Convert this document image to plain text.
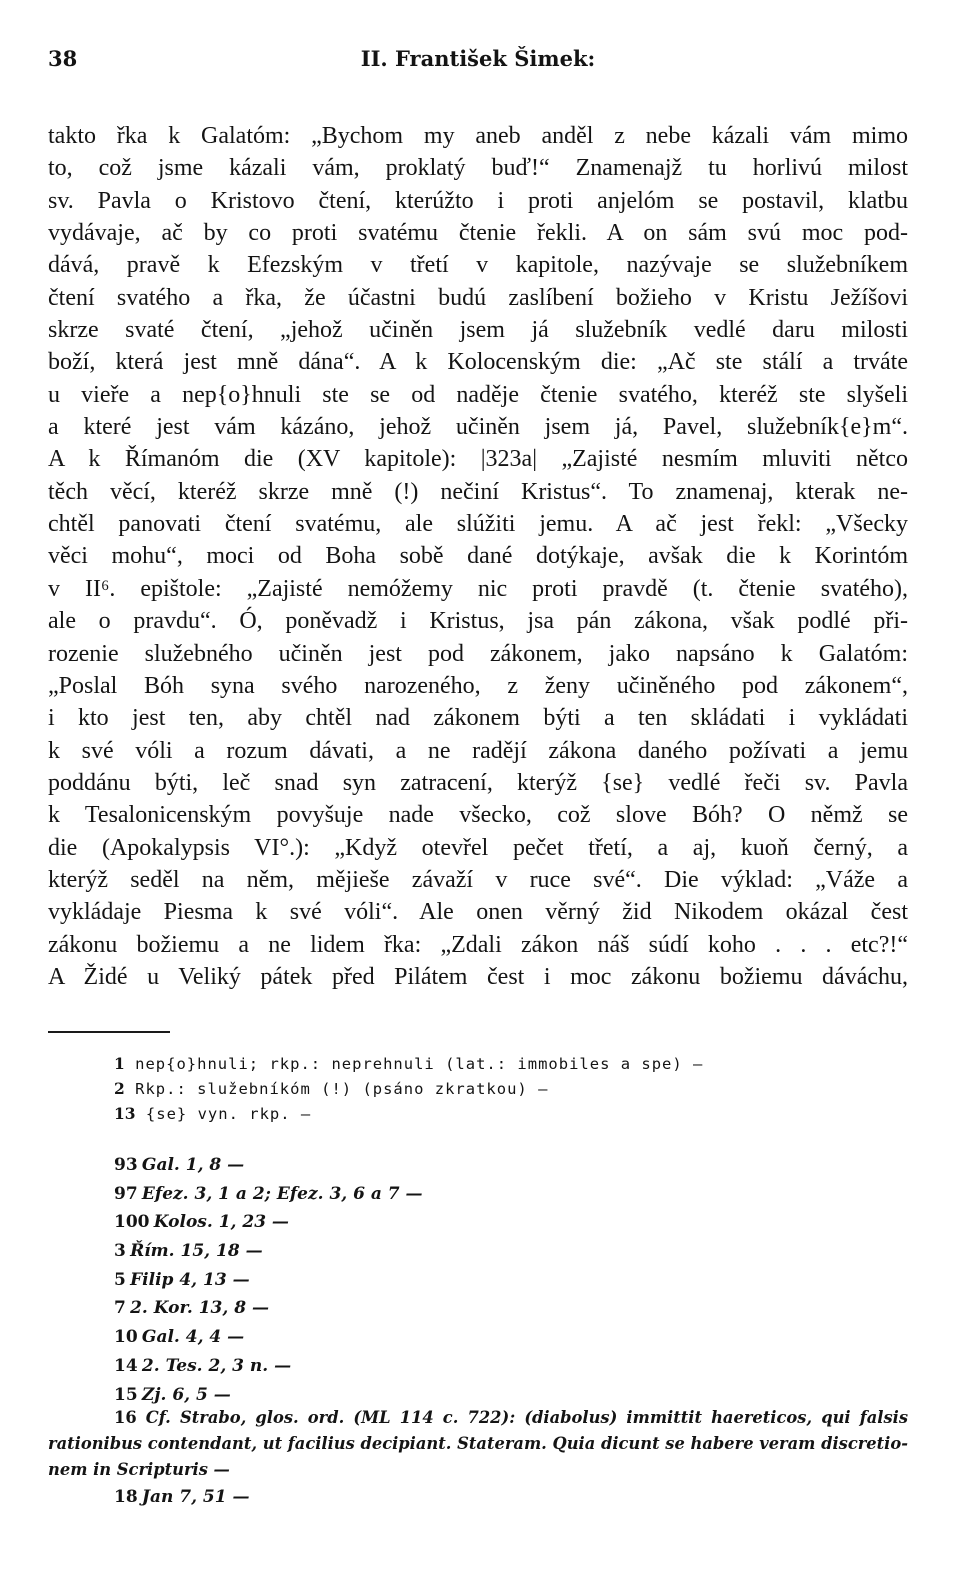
38	II. František Šimek:
takto řka k Galatóm: „Bychom my aneb anděl z nebe kázali vám mimo
to, což jsme kázali vám, proklatý buď!“ Znamenajž tu horlivú milost
sv. Pavla o Kristovo čtení, kterúžto i proti anjelóm se postavil, klatbu
vydávaje, ač by co proti svatému čtenie řekli. A on sám svú moc pod-
dává, pravě k Efezským v třetí v kapitole, nazývaje se služebníkem
čtení svatého a řka, že účastni budú zaslíbení božieho v Kristu Ježíšovi
skrze svaté čtení, „jehož učiněn jsem já služebník vedlé daru milosti
boží, která jest mně dána“. A k Kolocenským die: „Ač ste stálí a trváte
u vieře a nep{o}hnuli ste se od naděje čtenie svatého, kteréž ste slyšeli
a které jest vám kázáno, jehož učiněn jsem já, Pavel, služebník{e}m“.
A k Římanóm die (XV kapitole): |323a| „Zajisté nesmím mluviti nětco
těch věcí, kteréž skrze mně (!) nečiní Kristus“. To znamenaj, kterak ne-
chtěl panovati čtení svatému, ale slúžiti jemu. A ač jest řekl: „Všecky
věci mohu“, moci od Boha sobě dané dotýkaje, avšak die k Korintóm
v II⁶. epištole: „Zajisté nemóžemy nic proti pravdě (t. čtenie svatého),
ale o pravdu“. Ó, poněvadž i Kristus, jsa pán zákona, však podlé při-
rozenie služebného učiněn jest pod zákonem, jako napsáno k Galatóm:
„Poslal Bóh syna svého narozeného, z ženy učiněného pod zákonem“,
i kto jest ten, aby chtěl nad zákonem býti a ten skládati i vykládati
k své vóli a rozum dávati, a ne radějí zákona daného požívati a jemu
poddánu býti, leč snad syn zatracení, kterýž {se} vedlé řeči sv. Pavla
k Tesalonicenským povyšuje nade všecko, což slove Bóh? O němž se
die (Apokalypsis VI°.): „Když otevřel pečet třetí, a aj, kuoň černý, a
kterýž seděl na něm, mějieše závaží v ruce své“. Die výklad: „Váže a
vykládaje Piesma k své vóli“. Ale onen věrný žid Nikodem okázal čest
zákonu božiemu a ne lidem řka: „Zdali zákon náš súdí koho . . . etc?!“
A Židé u Veliký pátek před Pilátem čest i moc zákonu božiemu dáváchu,
1 nep{o}hnuli; rkp.: neprehnuli (lat.: immobiles a spe) —
2 Rkp.: služebníkóm (!) (psáno zkratkou) —
13 {se} vyn. rkp. —
93 Gal. 1, 8 —
97 Efez. 3, 1 a 2; Efez. 3, 6 a 7 —
100 Kolos. 1, 23 —
3 Řím. 15, 18 —
5 Filip 4, 13 —
7 2. Kor. 13, 8 —
10 Gal. 4, 4 —
14 2. Tes. 2, 3 n. —
15 Zj. 6, 5 —
16 Cf. Strabo, glos. ord. (ML 114 c. 722): (diabolus) immittit haereticos, qui falsis
rationibus contendant, ut facilius decipiant. Stateram. Quia dicunt se habere veram discretio-
nem in Scripturis —
18 Jan 7, 51 —
